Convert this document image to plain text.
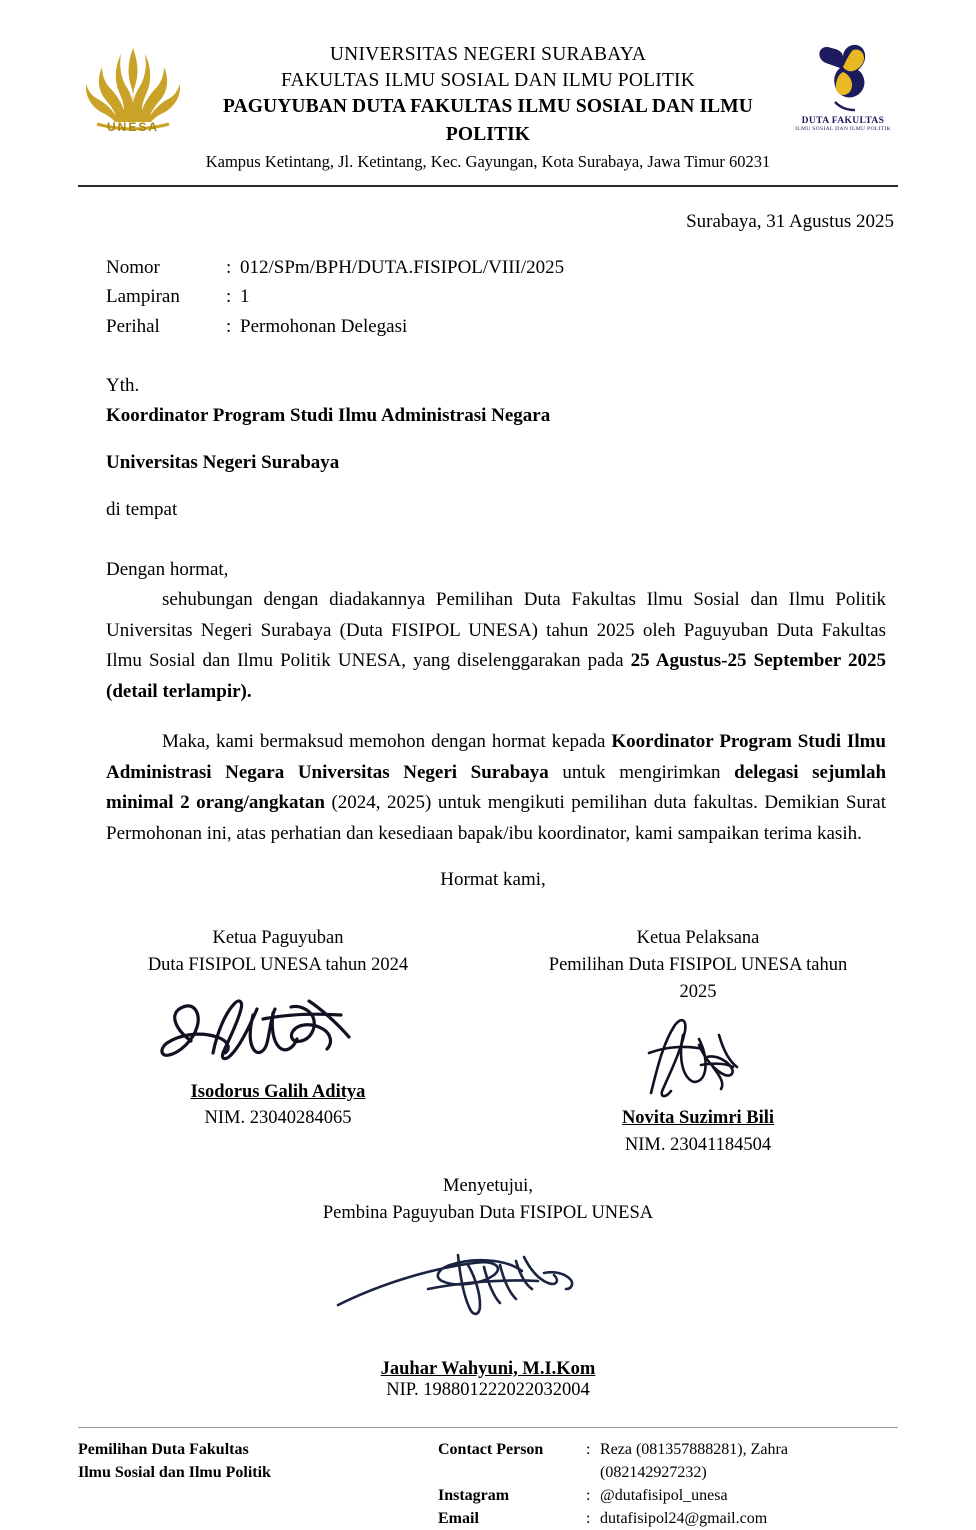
UNESA
UNIVERSITAS NEGERI SURABAYA
FAKULTAS ILMU SOSIAL DAN ILMU POLITIK
PAGUYUBAN DUTA FAKULTAS ILMU SOSIAL DAN ILMU POLITIK
Kampus Ketintang, Jl. Ketintang, Kec. Gayungan, Kota Surabaya, Jawa Timur 60231
DUTA FAKULTAS
ILMU SOSIAL DAN ILMU POLITIK
Surabaya, 31 Agustus 2025
Nomor	: 012/SPm/BPH/DUTA.FISIPOL/VIII/2025
Lampiran	: 1
Perihal	: Permohonan Delegasi
Yth.
Koordinator Program Studi Ilmu Administrasi Negara
Universitas Negeri Surabaya
di tempat
Dengan hormat,

sehubungan dengan diadakannya Pemilihan Duta Fakultas Ilmu Sosial dan Ilmu Politik Universitas Negeri Surabaya (Duta FISIPOL UNESA) tahun 2025 oleh Paguyuban Duta Fakultas Ilmu Sosial dan Ilmu Politik UNESA, yang diselenggarakan pada 25 Agustus-25 September 2025 (detail terlampir).

Maka, kami bermaksud memohon dengan hormat kepada Koordinator Program Studi Ilmu Administrasi Negara Universitas Negeri Surabaya untuk mengirimkan delegasi sejumlah minimal 2 orang/angkatan (2024, 2025) untuk mengikuti pemilihan duta fakultas. Demikian Surat Permohonan ini, atas perhatian dan kesediaan bapak/ibu koordinator, kami sampaikan terima kasih.

Hormat kami,
Ketua Paguyuban
Duta FISIPOL UNESA tahun 2024
Isodorus Galih Aditya
NIM. 23040284065
Ketua Pelaksana
Pemilihan Duta FISIPOL UNESA tahun 2025
Novita Suzimri Bili
NIM. 23041184504
Menyetujui,
Pembina Paguyuban Duta FISIPOL UNESA
Jauhar Wahyuni, M.I.Kom
NIP. 198801222022032004
Pemilihan Duta Fakultas
Ilmu Sosial dan Ilmu Politik
Contact Person	: Reza (081357888281), Zahra (082142927232)
Instagram	: @dutafisipol_unesa
Email	: dutafisipol24@gmail.com
